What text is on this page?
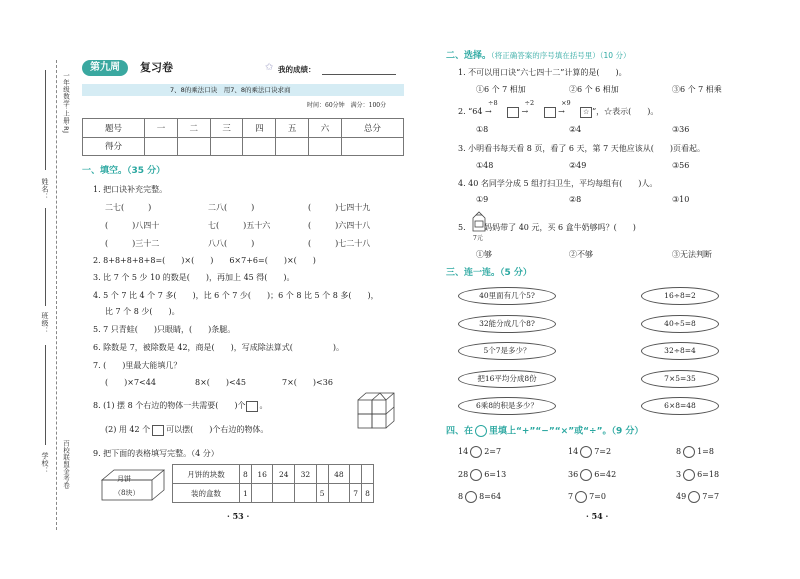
一年级数学·上册·RJ
百校联盟金考卷
姓名：
班级：
学校：
第九周	复习卷	✩ 我的成绩：
7、8的乘法口诀　用7、8的乘法口诀求商
时间：60分钟　满分：100分
题号	一	二	三	四	五	六	总分
得分							
一、填空。（35 分）
1. 把口诀补充完整。
二七(　　　)	二八(　　　)	(　　　)七四十九
(　　　)八四十	七(　　　)五十六	(　　　)六四十八
(　　　)三十二	八八(　　　)	(　　　)七二十八
2. 8+8+8+8+8=(　　)×(　　)　　6×7+6=(　　)×(　　)
3. 比 7 个 5 少 10 的数是(　　)，再加上 45 得(　　)。
4. 5 个 7 比 4 个 7 多(　　)，比 6 个 7 少(　　)；6 个 8 比 5 个 8 多(　　)，
比 7 个 8 少(　　)。
5. 7 只青蛙(　　)只眼睛，(　　)条腿。
6. 除数是 7，被除数是 42，商是(　　)，写成除法算式(　　　　　)。
7. (　　)里最大能填几？
(　　)×7<44	8×(　　)<45	7×(　　)<36
8. (1) 摆 8 个右边的物体一共需要(　　)个 。
(2) 用 42 个 可以摆(　　)个右边的物体。
9. 把下面的表格填写完整。（4 分）
月饼
（8块）
月饼的块数	8	16	24	32		48		
装的盒数	1				5		7	8
· 53 ·
二、选择。（将正确答案的序号填在括号里）（10 分）
1. 不可以用口诀“六七四十二”计算的是(　　)。
①6 个 7 相加	②6 个 6 相加	③6 个 7 相乘
2. “64
÷8
→
÷2
→
×9
→	☆ ”，☆表示(　　)。
①8	②4	③36
3. 小明看书每天看 8 页，看了 6 天，第 7 天他应该从(　　)页看起。
①48	②49	③56
4. 40 名同学分成 5 组打扫卫生，平均每组有(　　)人。
①9	②8	③10
5.　　 妈妈带了 40 元，买 6 盒牛奶够吗？(　　)
7元
①够	②不够	③无法判断
三、连一连。（5 分）
40里面有几个5?
32能分成几个8?
5个7是多少？
把16平均分成8份
6乘8的积是多少？
16÷8=2
40÷5=8
32÷8=4
7×5=35
6×8=48
四、在 里填上“+”“−”“×”或“÷”。（9 分）
14 2=7	14 7=2	8 1=8
28 6=13	36 6=42	3 6=18
8 8=64	7 7=0	49 7=7
· 54 ·
